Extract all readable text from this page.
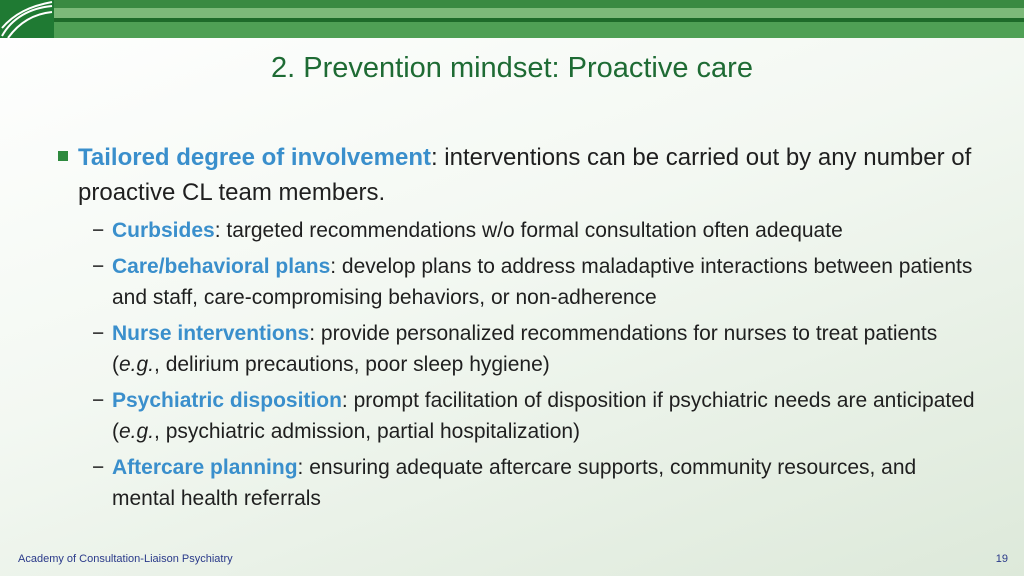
2. Prevention mindset: Proactive care
Tailored degree of involvement: interventions can be carried out by any number of proactive CL team members.
− Curbsides: targeted recommendations w/o formal consultation often adequate
− Care/behavioral plans: develop plans to address maladaptive interactions between patients and staff, care-compromising behaviors, or non-adherence
− Nurse interventions: provide personalized recommendations for nurses to treat patients (e.g., delirium precautions, poor sleep hygiene)
− Psychiatric disposition: prompt facilitation of disposition if psychiatric needs are anticipated (e.g., psychiatric admission, partial hospitalization)
− Aftercare planning: ensuring adequate aftercare supports, community resources, and mental health referrals
Academy of Consultation-Liaison Psychiatry	19
